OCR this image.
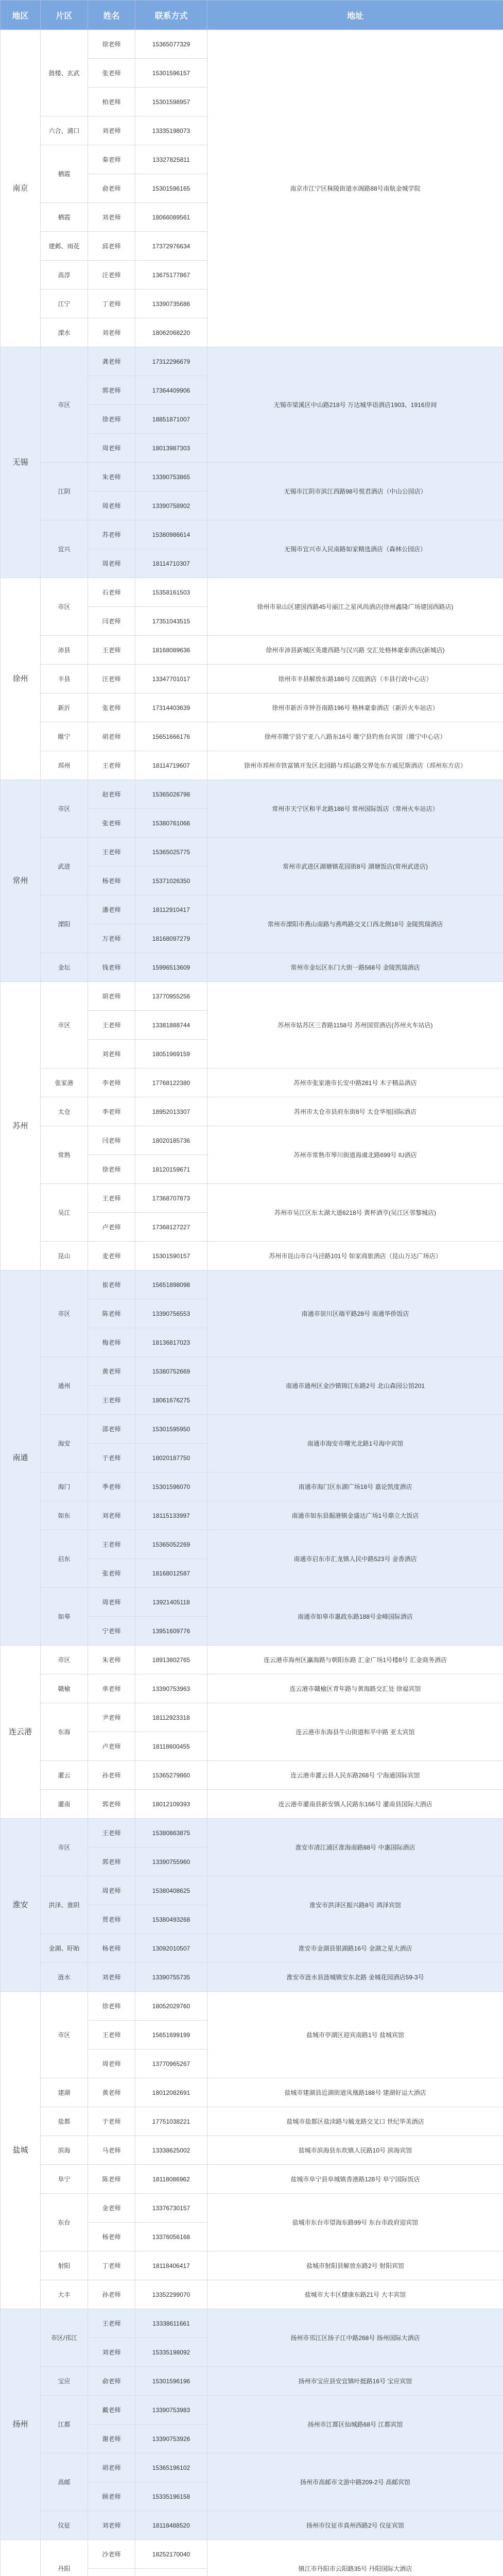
地区	片区	姓名	联系方式	地址
南京	鼓楼、玄武	徐老师	15365077329	南京市江宁区秣陵街道水阁路88号南航金城学院
		张老师	15301596157	
		柏老师	15301598957	
	六合、浦口	刘老师	13335198073	
	栖霞	秦老师	13327825811	
		俞老师	15301596165	
	栖霞	刘老师	18066089561	
	建邺、雨花	邱老师	17372976634	
	高淳	汪老师	13675177867	
	江宁	丁老师	13390735686	
	溧水	刘老师	18062068220	
无锡	市区	龚老师	17312296679	无锡市梁溪区中山路218号 万达城华语酒店1903、1916房间
		郭老师	17364409906	
		徐老师	18851871007	
		周老师	18013987303	
	江阴	朱老师	13390753865	无锡市江阴市滨江西路98号悦君酒店（中山公园店）
		周老师	13390758902	
	宜兴	苏老师	15380986614	无锡市宜兴市人民南路如家精选酒店（森林公园店）
		周老师	18114710307	
徐州	市区	石老师	15358161503	徐州市泉山区建国西路45号丽江之星风尚酒店(徐州鑫隆广场建国西路店)
		闫老师	17351043515	
	沛县	王老师	18168089636	徐州市沛县新城区英雄西路与汉兴路 交汇处格林豪泰酒店(新城店)
	丰县	汪老师	13347701017	徐州市丰县解放东路188号 汉庭酒店（丰县行政中心店）
	新沂	张老师	17314403639	徐州市新沂市钟吾南路196号 格林豪泰酒店（新沂火车站店）
	睢宁	胡老师	15651666176	徐州市睢宁县宁亚八八路东16号 睢宁县钓鱼台宾馆（睢宁中心店）
	邳州	王老师	18114719607	徐州市邳州市铁富镇开发区北园路与邳运路交界处东方威尼斯酒店（邳州东方店）
常州	市区	赵老师	15365026798	常州市天宁区和平北路188号 常州国际饭店（常州火车站店）
		张老师	15380761066	
	武进	王老师	15365025775	常州市武进区湖塘镇花园街8号 湖塘饭店(常州武进店)
		杨老师	15371026350	
	溧阳	潘老师	18112910417	常州市溧阳市燕山南路与燕鸣路交叉口西北侧18号 金陵凯瑞酒店
		万老师	18168097279	
	金坛	钱老师	15996513609	常州市金坛区东门大街一路568号 金陵凯瑞酒店
苏州	市区	胡老师	13770955256	苏州市姑苏区三香路1158号 苏州国贸酒店(苏州火车站店)
		王老师	13381888744	
		刘老师	18051969159	
	张家港	李老师	17768122380	苏州市张家港市长安中路281号 木子精品酒店
	太仓	李老师	18952013307	苏州市太仓市县府东街8号 太仓华旭国际酒店
	常熟	闫老师	18020185736	苏州市常熟市琴川街道海虞北路699号 IU酒店
		徐老师	18120159671	
	吴江	王老师	17368707873	苏州市吴江区东太湖大道6218号 黄杯酒亨(吴江区邻黎城店)
		卢老师	17368127227	
	昆山	麦老师	15301590157	苏州市昆山市白马泾路101号 如家商旅酒店（昆山万达广场店）
南通	市区	崔老师	15651898098	南通市崇川区端平路28号 南通华侨饭店
		陈老师	13390756553	
		梅老师	18136817023	
	通州	黄老师	15380752669	南通市通州区金沙镇锦江东路2号 北山森园公馆201
		王老师	18061676275	
	海安	邵老师	15301595950	南通市海安市曙光北路1号海中宾馆
		于老师	18020187750	
	海门	季老师	15301596070	南通市海门区东湖广场18号 嘉论凯度酒店
	如东	刘老师	18115133997	南通市如东县掘港镇金盛达广场1号鼎立大饭店
	启东	王老师	15365052269	南通市启东市汇龙镇人民中路523号 金香酒店
		张老师	18168012587	
	如皋	周老师	13921405118	南通市如皋市惠政东路188号金峰国际酒店
		宁老师	13951609776	
连云港	市区	朱老师	18913802765	连云港市海州区瀛海路与朝阳东路 汇金广场1号楼8号 汇金商务酒店
	赣榆	单老师	13390753963	连云港市赣榆区青年路与黄海路交汇处 徐福宾馆
	东海	尹老师	18112923318	连云港市东海县牛山街道和平中路 亚太宾馆
		卢老师	18118600455	
	灌云	孙老师	15365279860	连云港市灌云县人民东路268号 宁海通国际宾馆
	灌南	郭老师	18012109393	连云港市灌南县新安镇人民路东166号 灌南县国际大酒店
淮安	市区	王老师	15380863875	淮安市清江浦区淮海南路88号 中惠国际酒店
		郭老师	13390755960	
	洪泽、淮阴	周老师	15380408625	淮安市洪泽区振兴路8号 鸿泽宾馆
		贾老师	15380493268	
	金湖、盱眙	杨老师	13092010507	淮安市金湖县银湖路16号 金湖之星大酒店
	涟水	刘老师	13390755735	淮安市涟水县涟城镇安东北路 金城花园酒店59-3号
盐城	市区	徐老师	18052029760	盐城市亭湖区迎宾南路1号 盐城宾馆
		王老师	15651699199	
		周老师	13770965267	
	建湖	黄老师	18012082691	盐城市建湖县近湖街道凤凰路188号 建湖好运大酒店
	盐都	于老师	17751038221	盐城市盐都区盐渎路与毓龙路交叉口 世纪华美酒店
	滨海	马老师	13338625002	盐城市滨海县东坎镇人民路10号 滨海宾馆
	阜宁	陈老师	18118086962	盐城市阜宁县阜城镇香港路128号 阜宁国际饭店
	东台	金老师	13376730157	盐城市东台市望海东路99号 东台市政府迎宾馆
		杨老师	13376056168	
	射阳	丁老师	18118406417	盐城市射阳县解放东路2号 射阳宾馆
	大丰	孙老师	13352299070	盐城市大丰区健康东路21号 大丰宾馆
扬州	市区/邗江	王老师	13338611661	扬州市邗江区扬子江中路268号 扬州国际大酒店
		刘老师	15335198092	
	宝应	俞老师	15301596196	扬州市宝应县安宜镇叶挺路16号 宝应宾馆
	江都	戴老师	13390753983	扬州市江都区仙城路68号 江都宾馆
		谢老师	13390753926	
	高邮	胡老师	15365196102	扬州市高邮市文游中路209-2号 高邮宾馆
		顾老师	15335196158	
	仪征	刘老师	18118488520	扬州市仪征市真州西路2号 仪征宾馆
	丹阳	沙老师	18252170040	镇江市丹阳市云阳路35号 丹阳国际大酒店
